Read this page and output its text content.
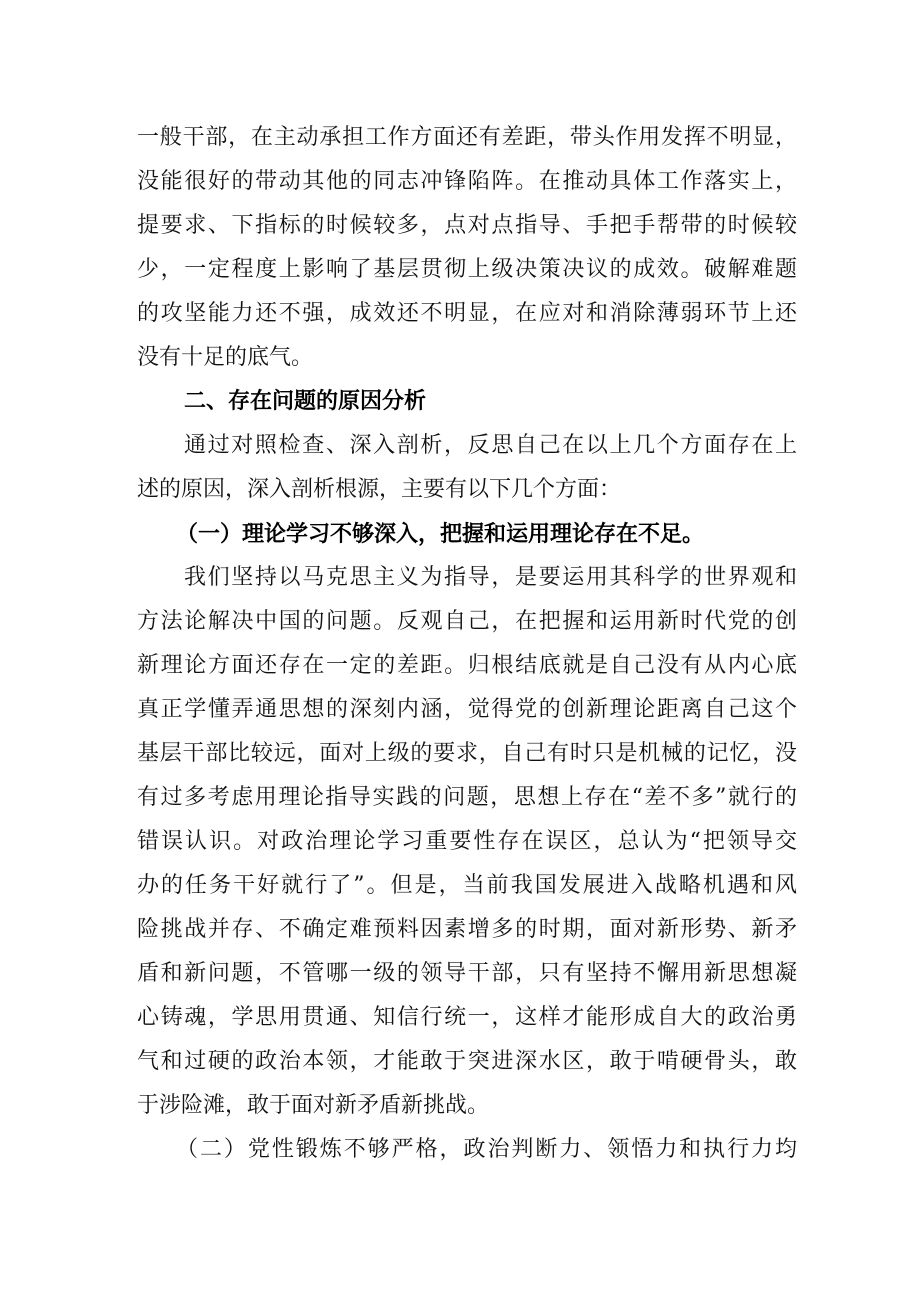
一般干部，在主动承担工作方面还有差距，带头作用发挥不明显，
没能很好的带动其他的同志冲锋陷阵。在推动具体工作落实上，
提要求、下指标的时候较多，点对点指导、手把手帮带的时候较
少，一定程度上影响了基层贯彻上级决策决议的成效。破解难题
的攻坚能力还不强，成效还不明显，在应对和消除薄弱环节上还
没有十足的底气。
二、存在问题的原因分析
通过对照检查、深入剖析，反思自己在以上几个方面存在上
述的原因，深入剖析根源，主要有以下几个方面：
（一）理论学习不够深入，把握和运用理论存在不足。
我们坚持以马克思主义为指导，是要运用其科学的世界观和
方法论解决中国的问题。反观自己，在把握和运用新时代党的创
新理论方面还存在一定的差距。归根结底就是自己没有从内心底
真正学懂弄通思想的深刻内涵，觉得党的创新理论距离自己这个
基层干部比较远，面对上级的要求，自己有时只是机械的记忆，没
有过多考虑用理论指导实践的问题，思想上存在“差不多”就行的
错误认识。对政治理论学习重要性存在误区，总认为“把领导交
办的任务干好就行了”。但是，当前我国发展进入战略机遇和风
险挑战并存、不确定难预料因素增多的时期，面对新形势、新矛
盾和新问题，不管哪一级的领导干部，只有坚持不懈用新思想凝
心铸魂，学思用贯通、知信行统一，这样才能形成自大的政治勇
气和过硬的政治本领，才能敢于突进深水区，敢于啃硬骨头，敢
于涉险滩，敢于面对新矛盾新挑战。
（二）党性锻炼不够严格，政治判断力、领悟力和执行力均
